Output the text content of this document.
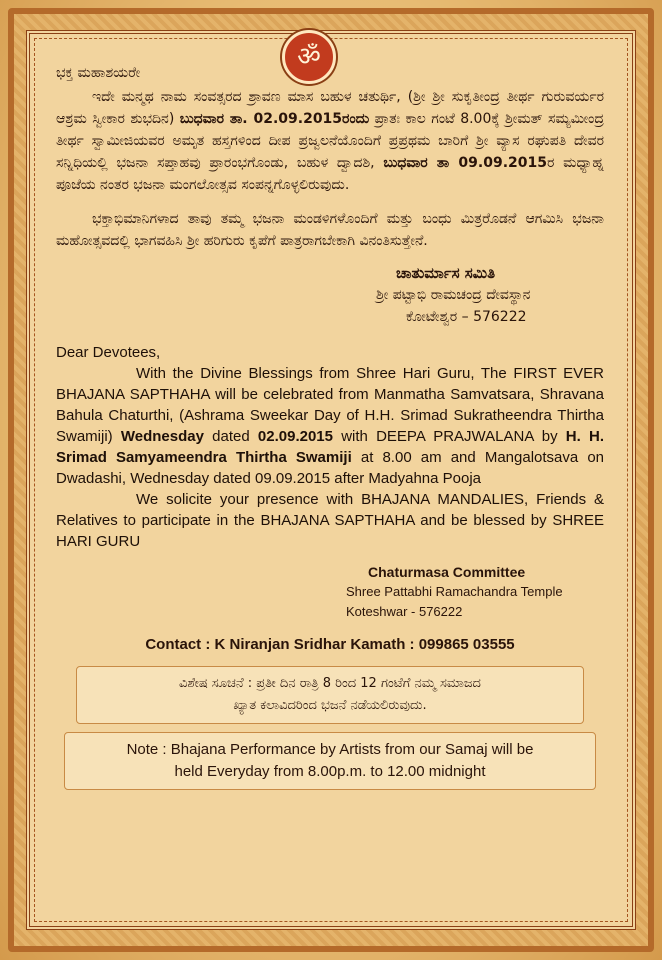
ॐ
ಭಕ್ತ ಮಹಾಶಯರೇ

ಇದೇ ಮನ್ಮಥ ನಾಮ ಸಂವತ್ಸರದ ಶ್ರಾವಣ ಮಾಸ ಬಹುಳ ಚತುರ್ಥಿ, (ಶ್ರೀ ಶ್ರೀ ಸುಕೃತೀಂದ್ರ ತೀರ್ಥ ಗುರುವರ್ಯರ ಆಶ್ರಮ ಸ್ವೀಕಾರ ಶುಭದಿನ) ಬುಧವಾರ ತಾ. 02.09.2015ರಂದು ಪ್ರಾತಃ ಕಾಲ ಗಂಟೆ 8.00ಕ್ಕೆ ಶ್ರೀಮತ್ ಸಮ್ಯಮೀಂದ್ರ ತೀರ್ಥ ಸ್ವಾಮೀಜಿಯವರ ಅಮೃತ ಹಸ್ತಗಳಿಂದ ದೀಪ ಪ್ರಜ್ವಲನೆಯೊಂದಿಗೆ ಪ್ರಪ್ರಥಮ ಬಾರಿಗೆ ಶ್ರೀ ವ್ಯಾಸ ರಘುಪತಿ ದೇವರ ಸನ್ನಿಧಿಯಲ್ಲಿ ಭಜನಾ ಸಪ್ತಾಹವು ಪ್ರಾರಂಭಗೊಂಡು, ಬಹುಳ ದ್ವಾದಶಿ, ಬುಧವಾರ ತಾ 09.09.2015ರ ಮಧ್ಯಾಹ್ನ ಪೂಜೆಯ ನಂತರ ಭಜನಾ ಮಂಗಲೋತ್ಸವ ಸಂಪನ್ನಗೊಳ್ಳಲಿರುವುದು.

ಭಕ್ತಾಭಿಮಾನಿಗಳಾದ ತಾವು ತಮ್ಮ ಭಜನಾ ಮಂಡಳಿಗಳೊಂದಿಗೆ ಮತ್ತು ಬಂಧು ಮಿತ್ರರೊಡನೆ ಆಗಮಿಸಿ ಭಜನಾ ಮಹೋತ್ಸವದಲ್ಲಿ ಭಾಗವಹಿಸಿ ಶ್ರೀ ಹರಿಗುರು ಕೃಪೆಗೆ ಪಾತ್ರರಾಗಬೇಕಾಗಿ ವಿನಂತಿಸುತ್ತೇನೆ.

ಚಾತುರ್ಮಾಸ ಸಮಿತಿ
ಶ್ರೀ ಪಟ್ಟಾಭಿ ರಾಮಚಂದ್ರ ದೇವಸ್ಥಾನ
ಕೋಟೇಶ್ವರ – 576222
Dear Devotees,

With the Divine Blessings from Shree Hari Guru, The FIRST EVER BHAJANA SAPTHAHA will be celebrated from Manmatha Samvatsara, Shravana Bahula Chaturthi, (Ashrama Sweekar Day of H.H. Srimad Sukratheendra Thirtha Swamiji) Wednesday dated 02.09.2015 with DEEPA PRAJWALANA by H. H. Srimad Samyameendra Thirtha Swamiji at 8.00 am and Mangalotsava on Dwadashi, Wednesday dated 09.09.2015 after Madyahna Pooja

We solicite your presence with BHAJANA MANDALIES, Friends & Relatives to participate in the BHAJANA SAPTHAHA and be blessed by SHREE HARI GURU

Chaturmasa Committee
Shree Pattabhi Ramachandra Temple
Koteshwar - 576222
Contact : K Niranjan Sridhar Kamath : 099865 03555
ವಿಶೇಷ ಸೂಚನೆ : ಪ್ರತೀ ದಿನ ರಾತ್ರಿ 8 ರಿಂದ 12 ಗಂಟೆಗೆ ನಮ್ಮ ಸಮಾಜದ
ಖ್ಯಾತ ಕಲಾವಿದರಿಂದ ಭಜನೆ ನಡೆಯಲಿರುವುದು.
Note : Bhajana Performance by Artists from our Samaj will be
held Everyday from 8.00p.m. to 12.00 midnight
